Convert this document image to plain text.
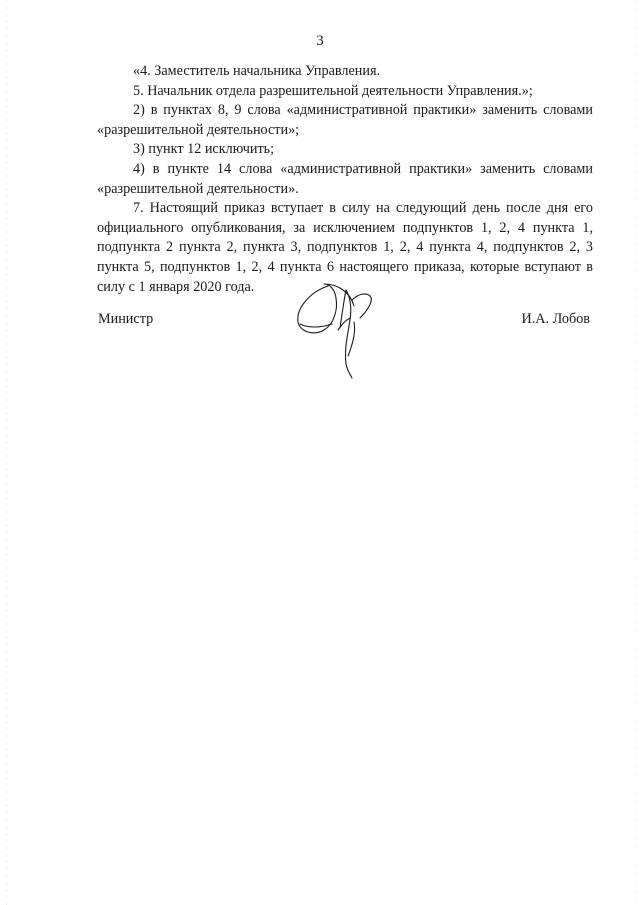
3

«4. Заместитель начальника Управления.

5. Начальник отдела разрешительной деятельности Управления.»;

2) в пунктах 8, 9 слова «административной практики» заменить словами «разрешительной деятельности»;

3) пункт 12 исключить;

4) в пункте 14 слова «административной практики» заменить словами «разрешительной деятельности».

7. Настоящий приказ вступает в силу на следующий день после дня его официального опубликования, за исключением подпунктов 1, 2, 4 пункта 1, подпункта 2 пункта 2, пункта 3, подпунктов 1, 2, 4 пункта 4, подпунктов 2, 3 пункта 5, подпунктов 1, 2, 4 пункта 6 настоящего приказа, которые вступают в силу с 1 января 2020 года.

Министр	И.А. Лобов
